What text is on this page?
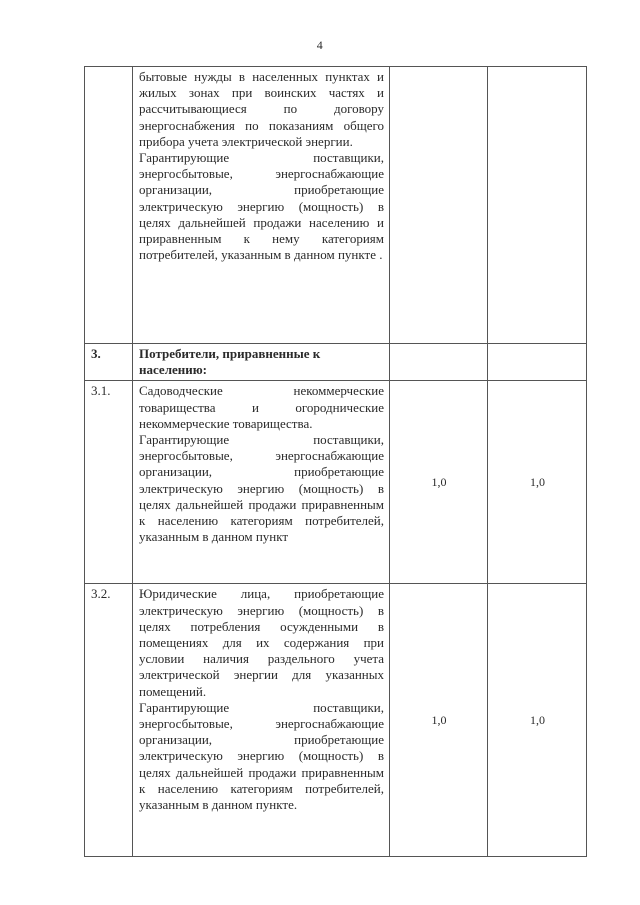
4

	бытовые нужды в населенных пунктах и жилых зонах при воинских частях и рассчитывающиеся по договору энергоснабжения по показаниям общего прибора учета электрической энергии.

Гарантирующие поставщики, энергосбытовые, энергоснабжающие организации, приобретающие электрическую энергию (мощность) в целях дальнейшей продажи населению и приравненным к нему категориям потребителей, указанным в данном пункте .		

3.	Потребители, приравненные к населению:		
3.1.	Садоводческие некоммерческие товарищества и огороднические некоммерческие товарищества.

Гарантирующие поставщики, энергосбытовые, энергоснабжающие организации, приобретающие электрическую энергию (мощность) в целях дальнейшей продажи приравненным к населению категориям потребителей, указанным в данном пункт	1,0	1,0
3.2.	Юридические лица, приобретающие электрическую энергию (мощность) в целях потребления осужденными в помещениях для их содержания при условии наличия раздельного учета электрической энергии для указанных помещений.

Гарантирующие поставщики, энергосбытовые, энергоснабжающие организации, приобретающие электрическую энергию (мощность) в целях дальнейшей продажи приравненным к населению категориям потребителей, указанным в данном пункте.	1,0	1,0
